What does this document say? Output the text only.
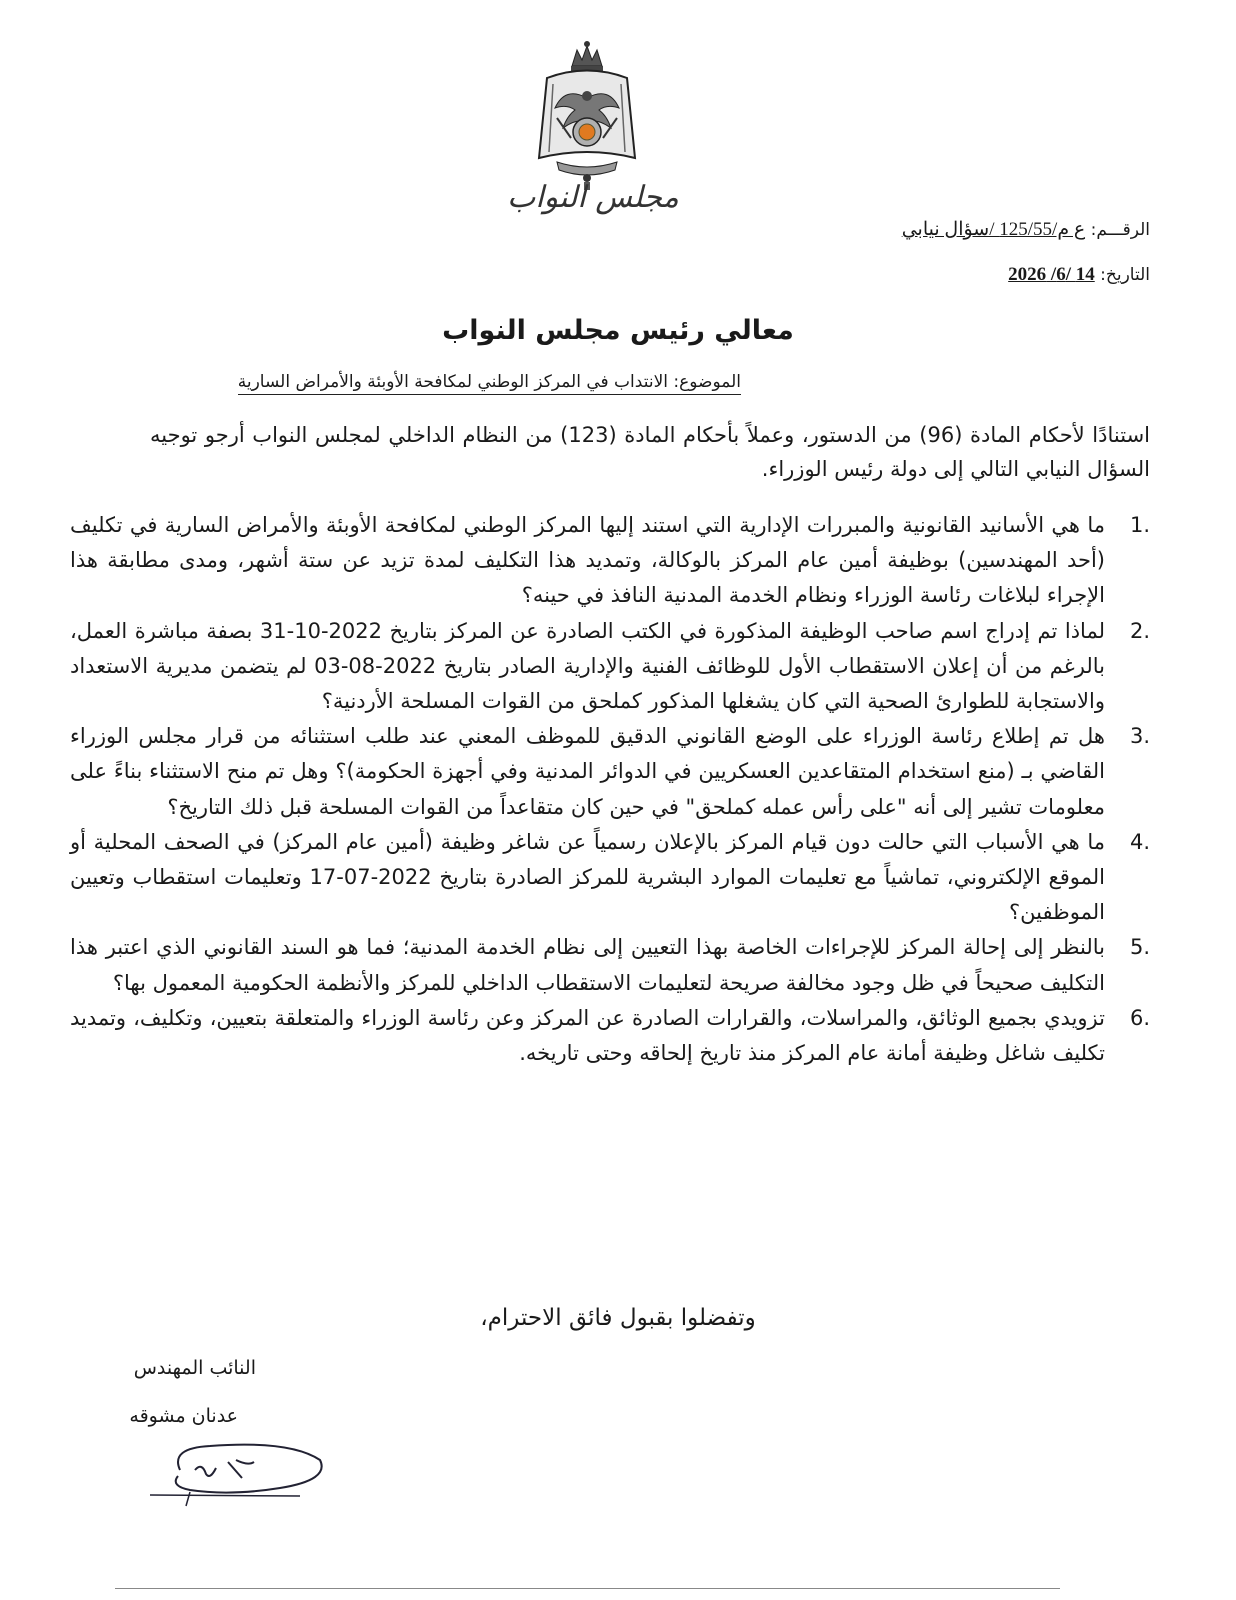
مجلس النواب
الرقـــم: ع م/125/55 /سؤال نيابي
التاريخ: 14 /6/ 2026
معالي رئيس مجلس النواب
الموضوع: الانتداب في المركز الوطني لمكافحة الأوبئة والأمراض السارية
استنادًا لأحكام المادة (96) من الدستور، وعملاً بأحكام المادة (123) من النظام الداخلي لمجلس النواب أرجو توجيه السؤال النيابي التالي إلى دولة رئيس الوزراء.
.1
ما هي الأسانيد القانونية والمبررات الإدارية التي استند إليها المركز الوطني لمكافحة الأوبئة والأمراض السارية في تكليف (أحد المهندسين) بوظيفة أمين عام المركز بالوكالة، وتمديد هذا التكليف لمدة تزيد عن ستة أشهر، ومدى مطابقة هذا الإجراء لبلاغات رئاسة الوزراء ونظام الخدمة المدنية النافذ في حينه؟
.2
لماذا تم إدراج اسم صاحب الوظيفة المذكورة في الكتب الصادرة عن المركز بتاريخ 2022-10-31 بصفة مباشرة العمل، بالرغم من أن إعلان الاستقطاب الأول للوظائف الفنية والإدارية الصادر بتاريخ 2022-08-03 لم يتضمن مديرية الاستعداد والاستجابة للطوارئ الصحية التي كان يشغلها المذكور كملحق من القوات المسلحة الأردنية؟
.3
هل تم إطلاع رئاسة الوزراء على الوضع القانوني الدقيق للموظف المعني عند طلب استثنائه من قرار مجلس الوزراء القاضي بـ (منع استخدام المتقاعدين العسكريين في الدوائر المدنية وفي أجهزة الحكومة)؟ وهل تم منح الاستثناء بناءً على معلومات تشير إلى أنه "على رأس عمله كملحق" في حين كان متقاعداً من القوات المسلحة قبل ذلك التاريخ؟
.4
ما هي الأسباب التي حالت دون قيام المركز بالإعلان رسمياً عن شاغر وظيفة (أمين عام المركز) في الصحف المحلية أو الموقع الإلكتروني، تماشياً مع تعليمات الموارد البشرية للمركز الصادرة بتاريخ 2022-07-17 وتعليمات استقطاب وتعيين الموظفين؟
.5
بالنظر إلى إحالة المركز للإجراءات الخاصة بهذا التعيين إلى نظام الخدمة المدنية؛ فما هو السند القانوني الذي اعتبر هذا التكليف صحيحاً في ظل وجود مخالفة صريحة لتعليمات الاستقطاب الداخلي للمركز والأنظمة الحكومية المعمول بها؟
.6
تزويدي بجميع الوثائق، والمراسلات، والقرارات الصادرة عن المركز وعن رئاسة الوزراء والمتعلقة بتعيين، وتكليف، وتمديد تكليف شاغل وظيفة أمانة عام المركز منذ تاريخ إلحاقه وحتى تاريخه.
وتفضلوا بقبول فائق الاحترام،
النائب المهندس
عدنان مشوقه
